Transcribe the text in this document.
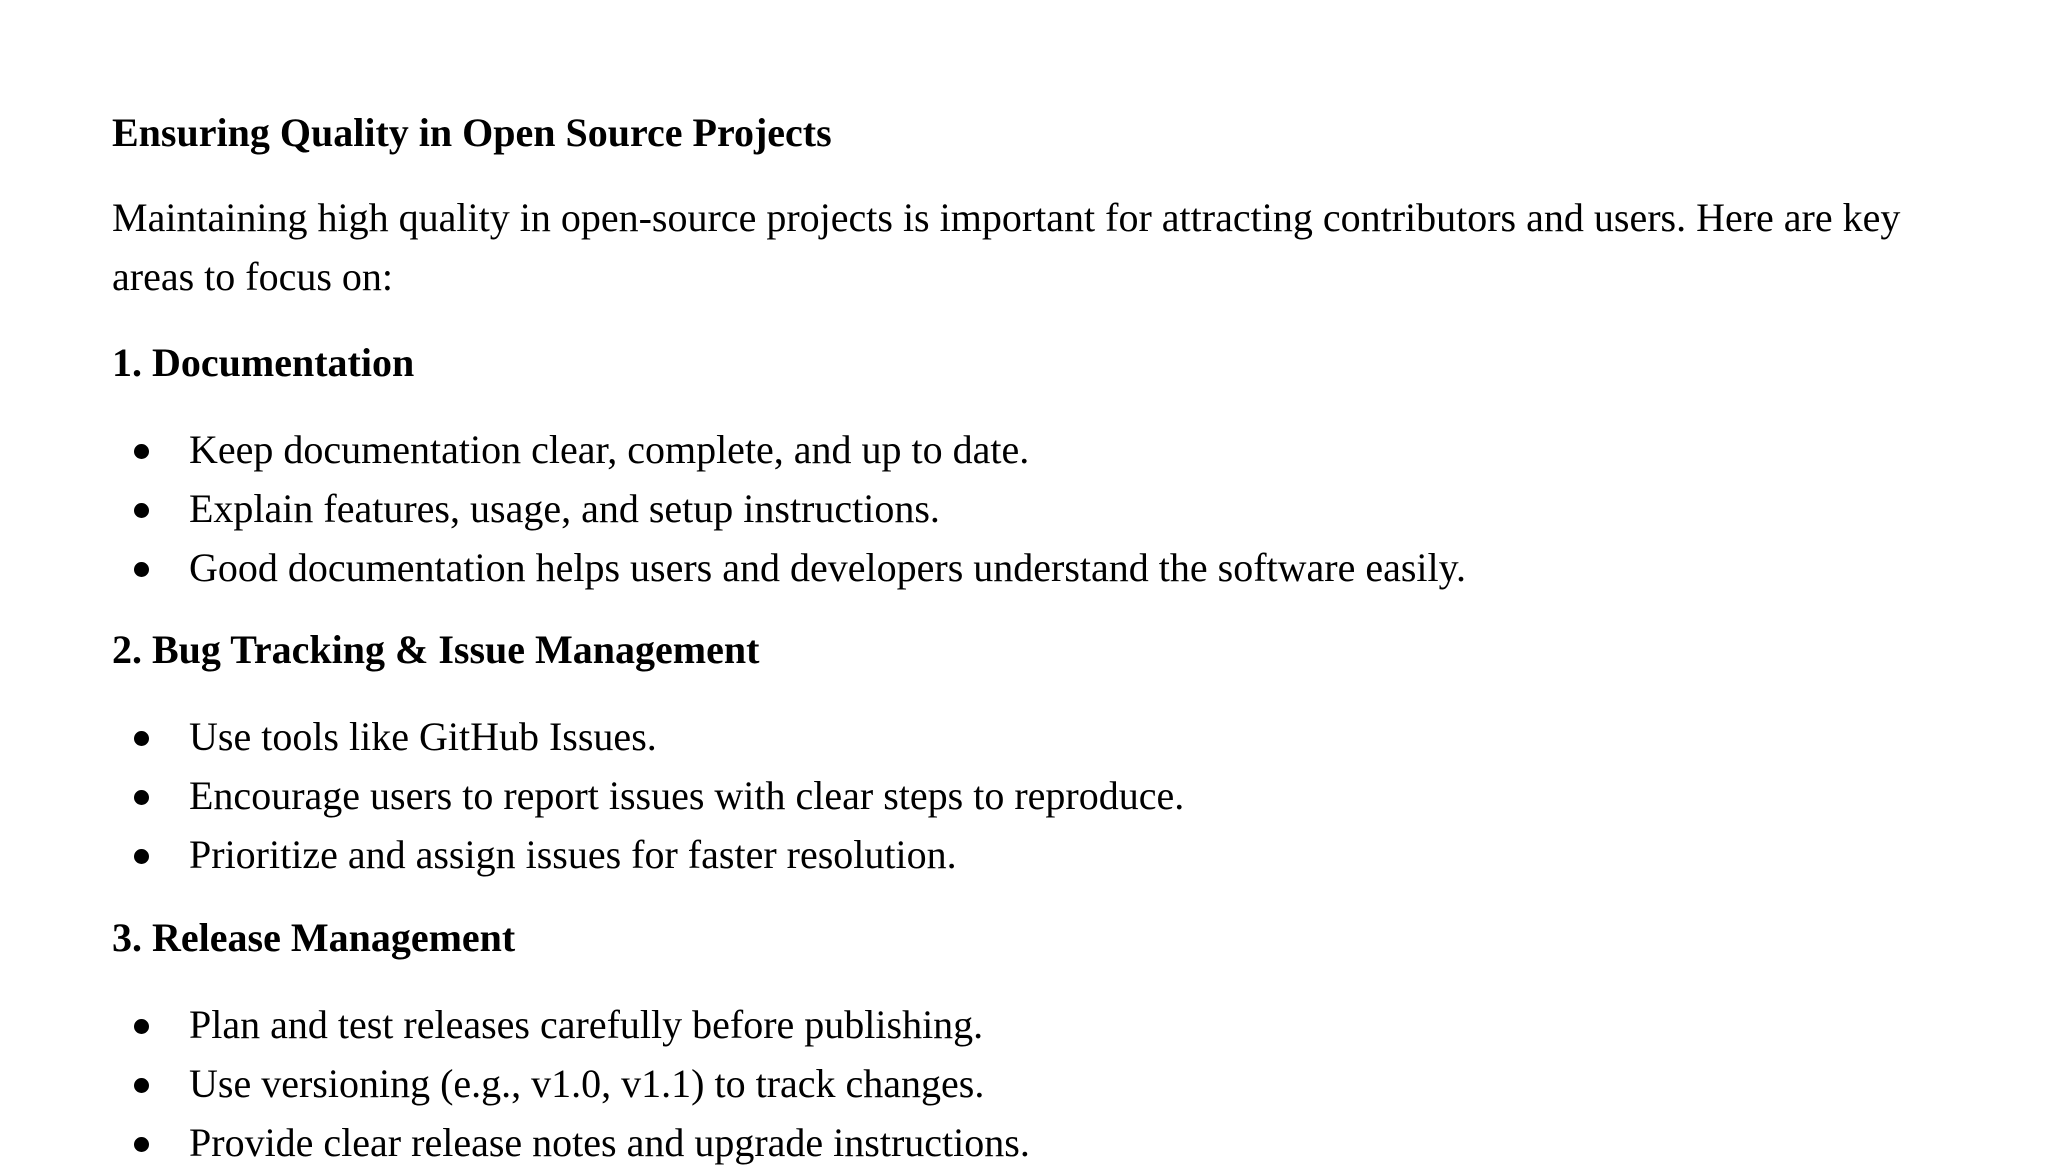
Ensuring Quality in Open Source Projects

Maintaining high quality in open-source projects is important for attracting contributors and users. Here are key areas to focus on:

1. Documentation
Keep documentation clear, complete, and up to date.
Explain features, usage, and setup instructions.
Good documentation helps users and developers understand the software easily.
2. Bug Tracking & Issue Management
Use tools like GitHub Issues.
Encourage users to report issues with clear steps to reproduce.
Prioritize and assign issues for faster resolution.
3. Release Management
Plan and test releases carefully before publishing.
Use versioning (e.g., v1.0, v1.1) to track changes.
Provide clear release notes and upgrade instructions.
